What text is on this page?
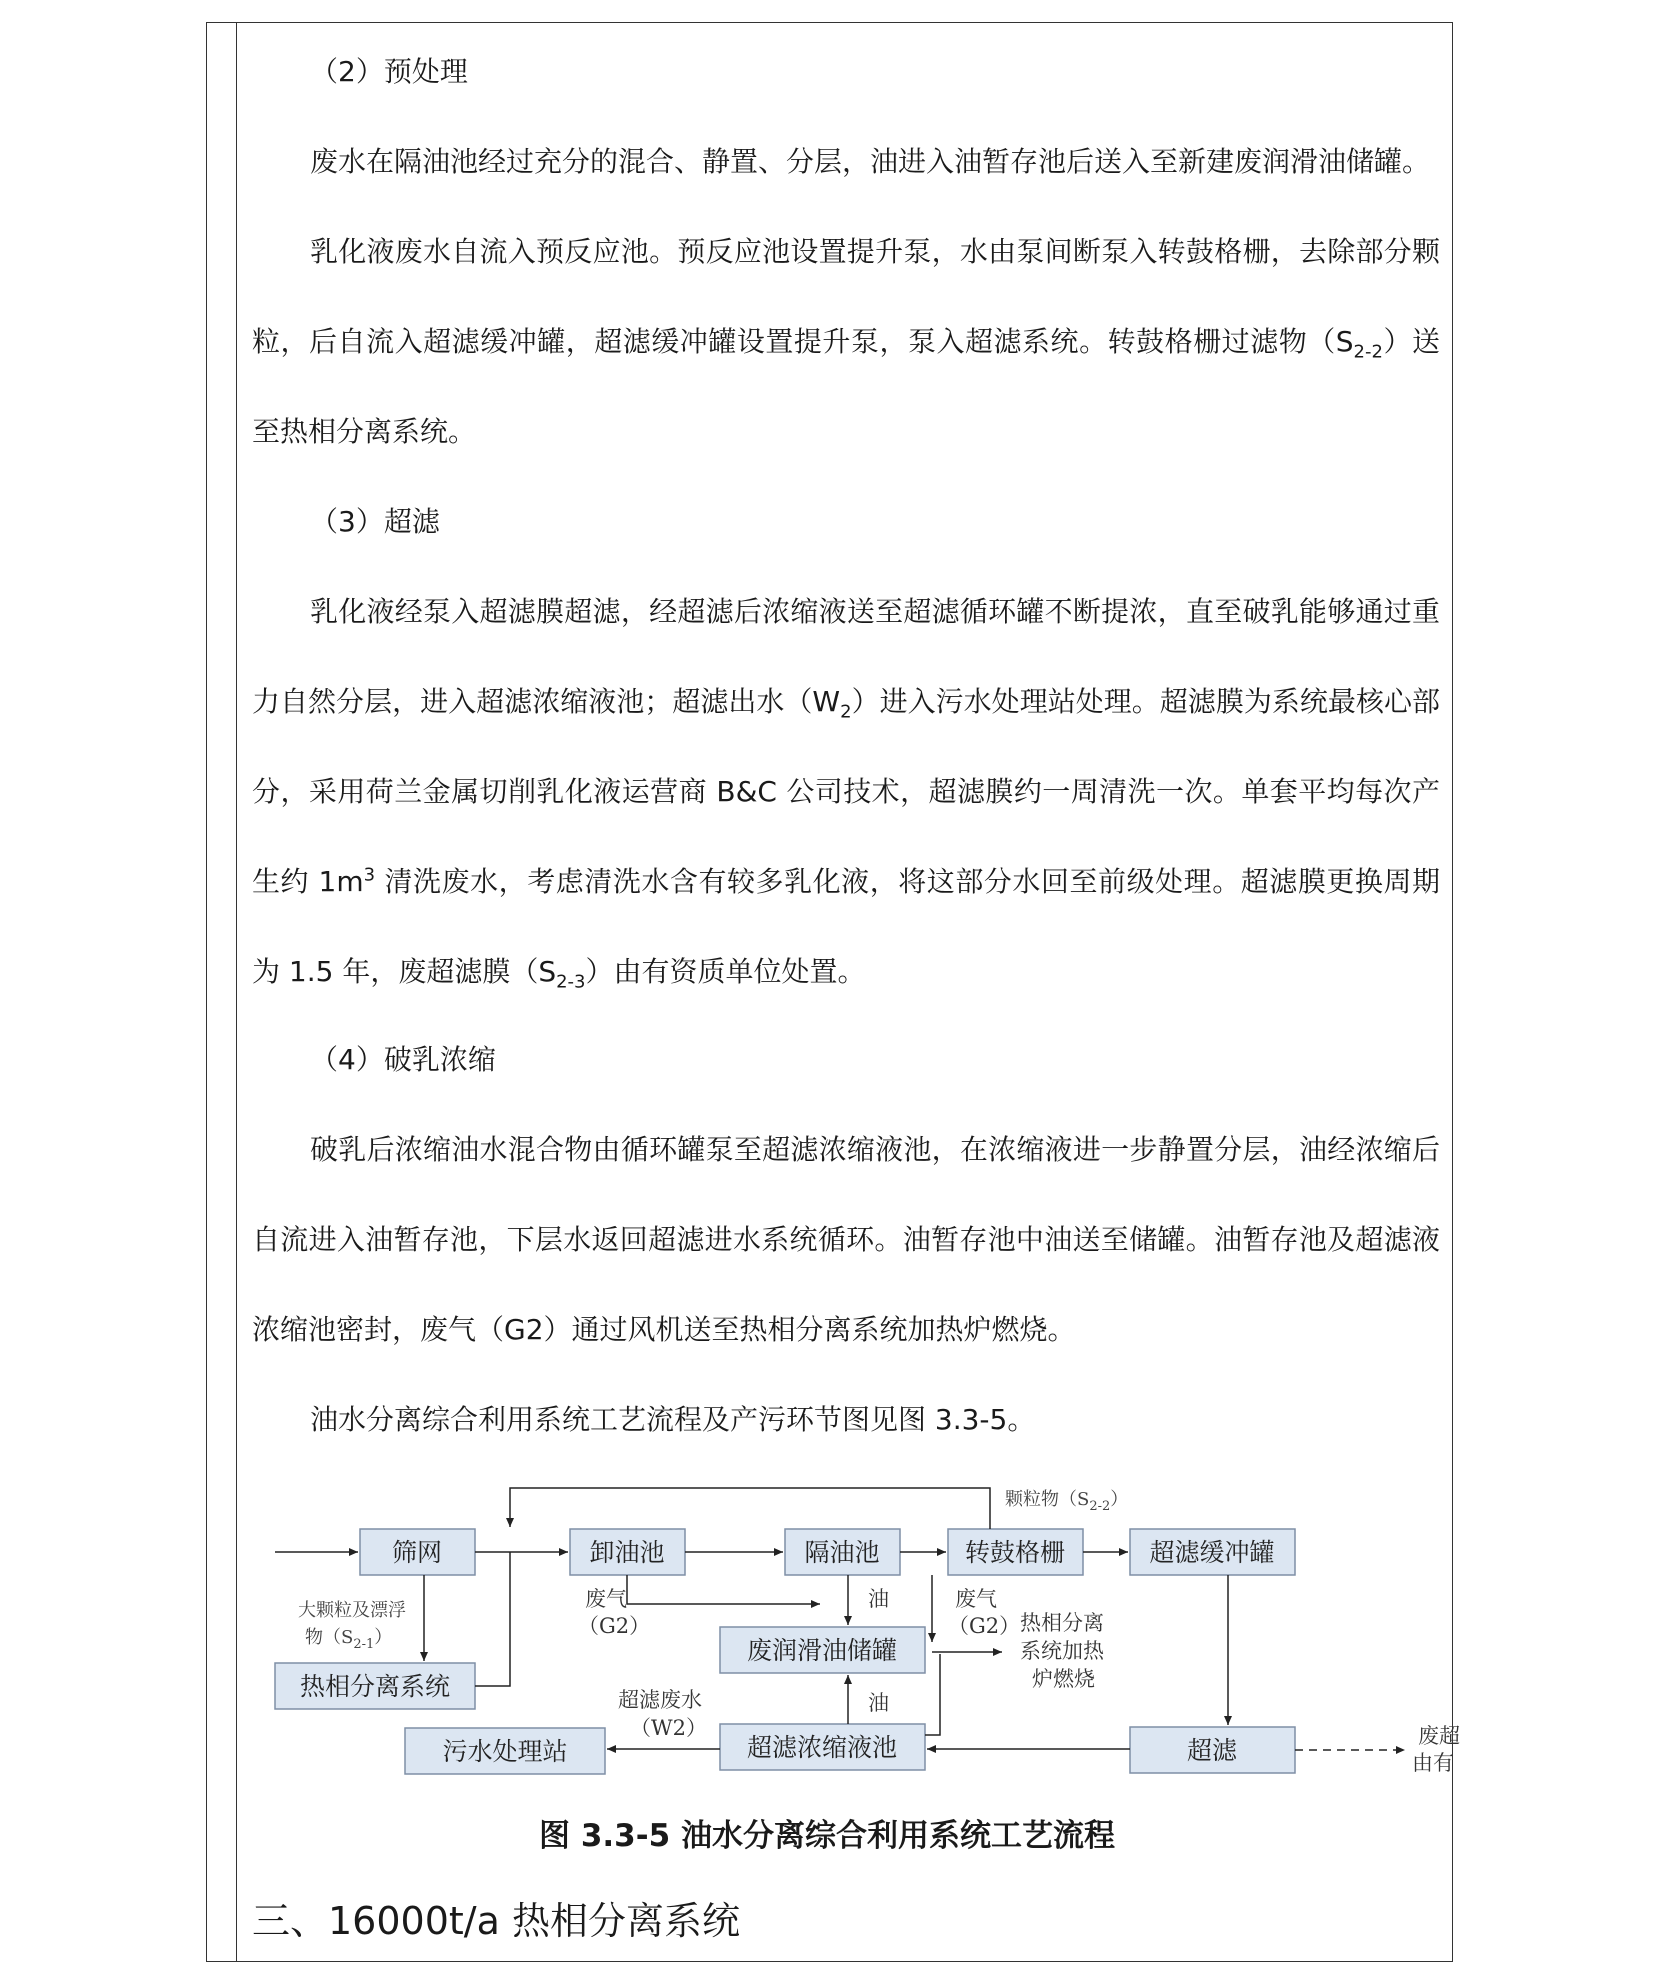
（2）预处理

废水在隔油池经过充分的混合、静置、分层，油进入油暂存池后送入至新建废润滑油储罐。

乳化液废水自流入预反应池。预反应池设置提升泵，水由泵间断泵入转鼓格栅，去除部分颗粒，后自流入超滤缓冲罐，超滤缓冲罐设置提升泵，泵入超滤系统。转鼓格栅过滤物$(S_{2-2})$送至热相分离系统。

（3）超滤

乳化液经泵入超滤膜超滤，经超滤后浓缩液送至超滤循环罐不断提浓，直至破乳能够通过重力自然分层，进入超滤浓缩液池；超滤出水$(W_2)$进入污水处理站处理。超滤膜为系统最核心部分，采用荷兰金属切削乳化液运营商 B&C 公司技术，超滤膜约一周清洗一次。单套平均每次产生约 $1m^3$ 清洗废水，考虑清洗水含有较多乳化液，将这部分水回至前级处理。超滤膜更换周期为 1.5 年，废超滤膜$(S_{2-3})$由有资质单位处置。

（4）破乳浓缩

破乳后浓缩油水混合物由循环罐泵至超滤浓缩液池，在浓缩液进一步静置分层，油经浓缩后自流进入油暂存池，下层水返回超滤进水系统循环。油暂存池中油送至储罐。油暂存池及超滤液浓缩池密封，废气（G2）通过风机送至热相分离系统加热炉燃烧。

油水分离综合利用系统工艺流程及产污环节图见图 3.3-5。

筛网	卸油池	隔油池	转鼓格栅	超滤缓冲罐
热相分离系统
废润滑油储罐
污水处理站	超滤浓缩液池	超滤
颗粒物$(S_{2-2})$
大颗粒及漂浮
物$(S_{2-1})$
废气
（G2）
油	废气
（G2） 热相分离
系统加热
炉燃烧
油
超滤废水
（W2）	废超
由有
图 3.3-5 油水分离综合利用系统工艺流程
三、16000t/a 热相分离系统
